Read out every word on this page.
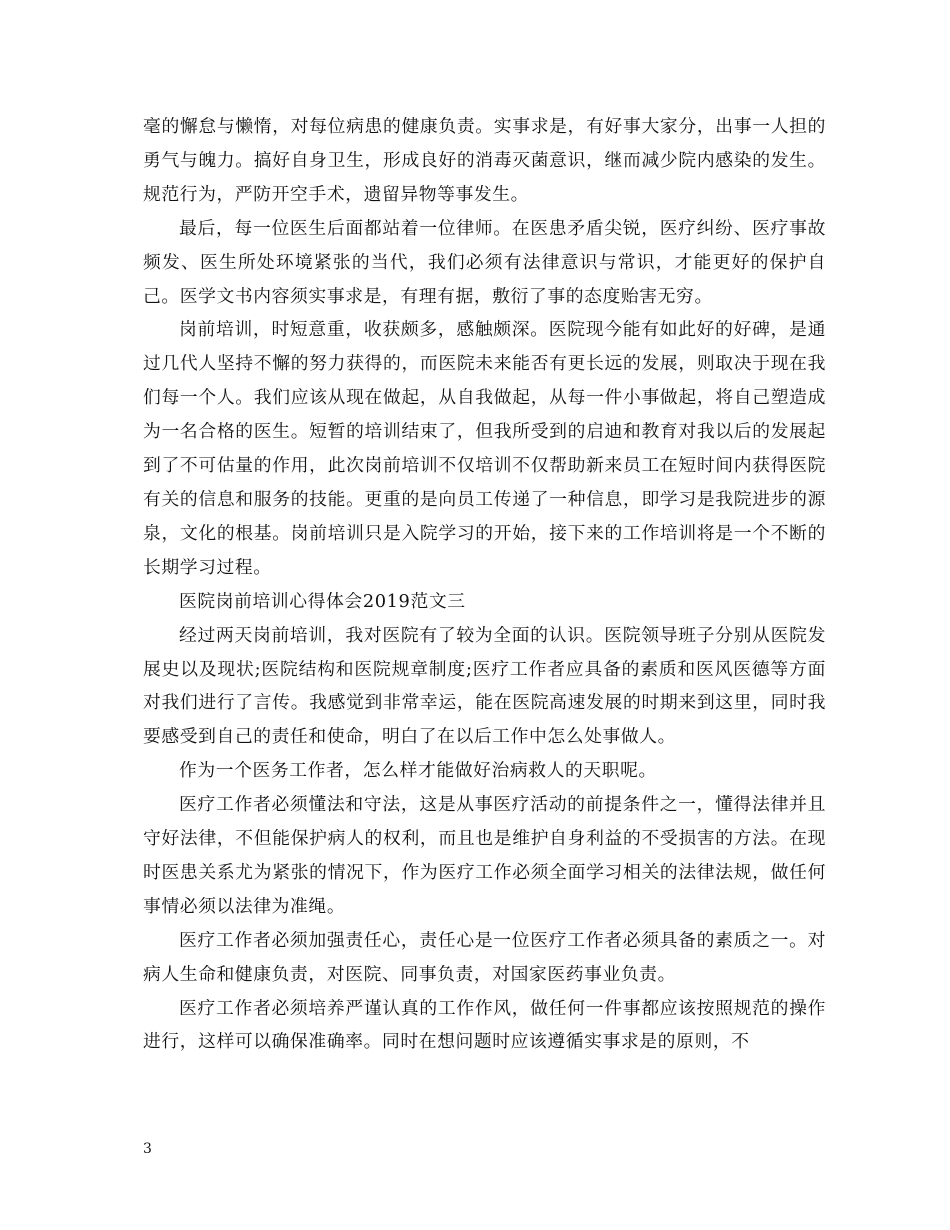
毫的懈怠与懒惰，对每位病患的健康负责。实事求是，有好事大家分，出事一人担的勇气与魄力。搞好自身卫生，形成良好的消毒灭菌意识，继而减少院内感染的发生。规范行为，严防开空手术，遗留异物等事发生。

最后，每一位医生后面都站着一位律师。在医患矛盾尖锐，医疗纠纷、医疗事故频发、医生所处环境紧张的当代，我们必须有法律意识与常识，才能更好的保护自己。医学文书内容须实事求是，有理有据，敷衍了事的态度贻害无穷。

岗前培训，时短意重，收获颇多，感触颇深。医院现今能有如此好的好碑，是通过几代人坚持不懈的努力获得的，而医院未来能否有更长远的发展，则取决于现在我们每一个人。我们应该从现在做起，从自我做起，从每一件小事做起，将自己塑造成为一名合格的医生。短暂的培训结束了，但我所受到的启迪和教育对我以后的发展起到了不可估量的作用，此次岗前培训不仅培训不仅帮助新来员工在短时间内获得医院有关的信息和服务的技能。更重的是向员工传递了一种信息，即学习是我院进步的源泉，文化的根基。岗前培训只是入院学习的开始，接下来的工作培训将是一个不断的长期学习过程。

医院岗前培训心得体会2019范文三

经过两天岗前培训，我对医院有了较为全面的认识。医院领导班子分别从医院发展史以及现状;医院结构和医院规章制度;医疗工作者应具备的素质和医风医德等方面对我们进行了言传。我感觉到非常幸运，能在医院高速发展的时期来到这里，同时我要感受到自己的责任和使命，明白了在以后工作中怎么处事做人。

作为一个医务工作者，怎么样才能做好治病救人的天职呢。

医疗工作者必须懂法和守法，这是从事医疗活动的前提条件之一，懂得法律并且守好法律，不但能保护病人的权利，而且也是维护自身利益的不受损害的方法。在现时医患关系尤为紧张的情况下，作为医疗工作必须全面学习相关的法律法规，做任何事情必须以法律为准绳。

医疗工作者必须加强责任心，责任心是一位医疗工作者必须具备的素质之一。对病人生命和健康负责，对医院、同事负责，对国家医药事业负责。

医疗工作者必须培养严谨认真的工作作风，做任何一件事都应该按照规范的操作进行，这样可以确保准确率。同时在想问题时应该遵循实事求是的原则，不

3
